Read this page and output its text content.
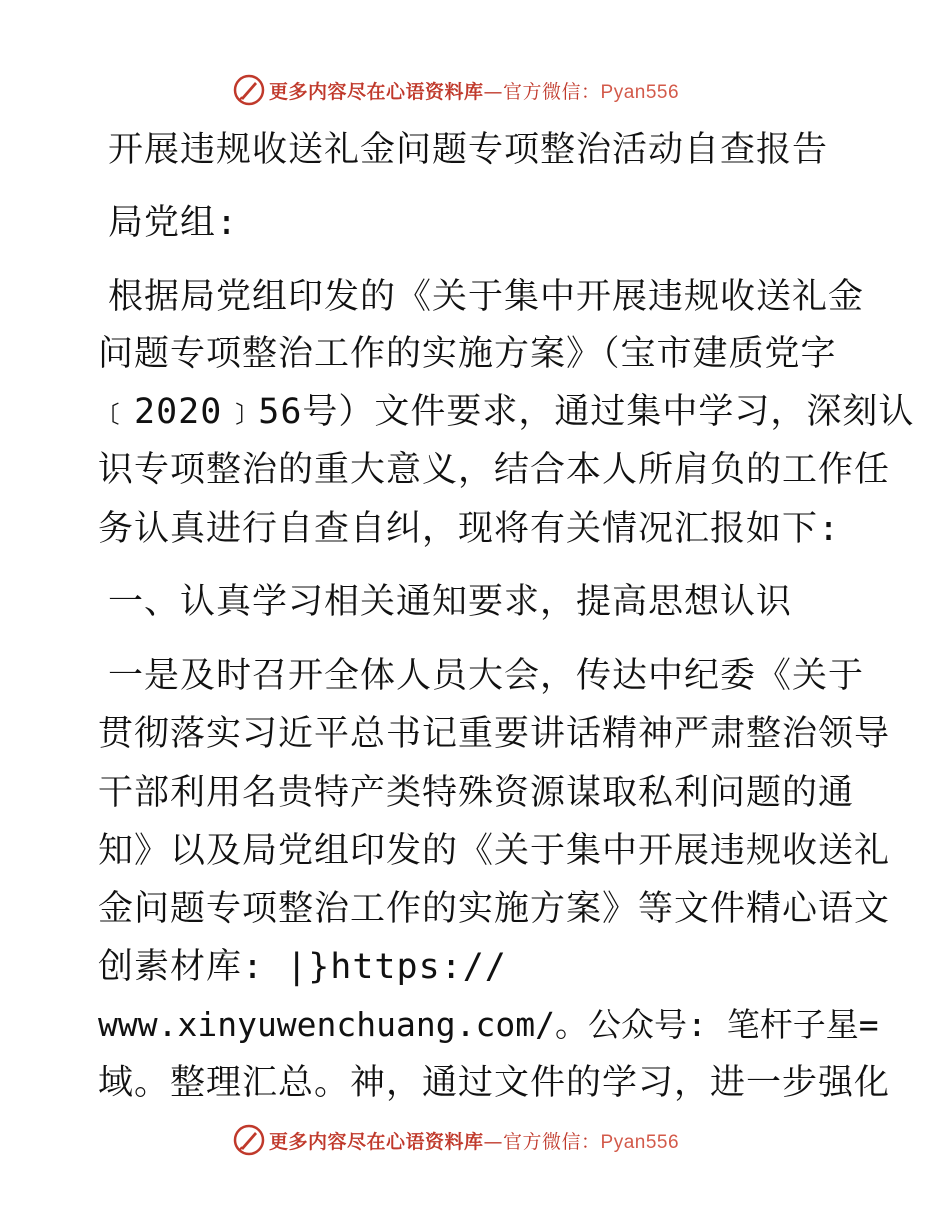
更多内容尽在心语资料库—官方微信：Pyan556
开展违规收送礼金问题专项整治活动自查报告
局党组:
根据局党组印发的《关于集中开展违规收送礼金
问题专项整治工作的实施方案》（宝市建质党字
﹝2020﹞56号）文件要求，通过集中学习，深刻认
识专项整治的重大意义，结合本人所肩负的工作任
务认真进行自查自纠，现将有关情况汇报如下:
一、认真学习相关通知要求，提高思想认识
一是及时召开全体人员大会，传达中纪委《关于
贯彻落实习近平总书记重要讲话精神严肃整治领导
干部利用名贵特产类特殊资源谋取私利问题的通
知》以及局党组印发的《关于集中开展违规收送礼
金问题专项整治工作的实施方案》等文件精心语文
创素材库: |}https://
www.xinyuwenchuang.com/。公众号: 笔杆子星=
域。整理汇总。神，通过文件的学习，进一步强化
更多内容尽在心语资料库—官方微信：Pyan556
